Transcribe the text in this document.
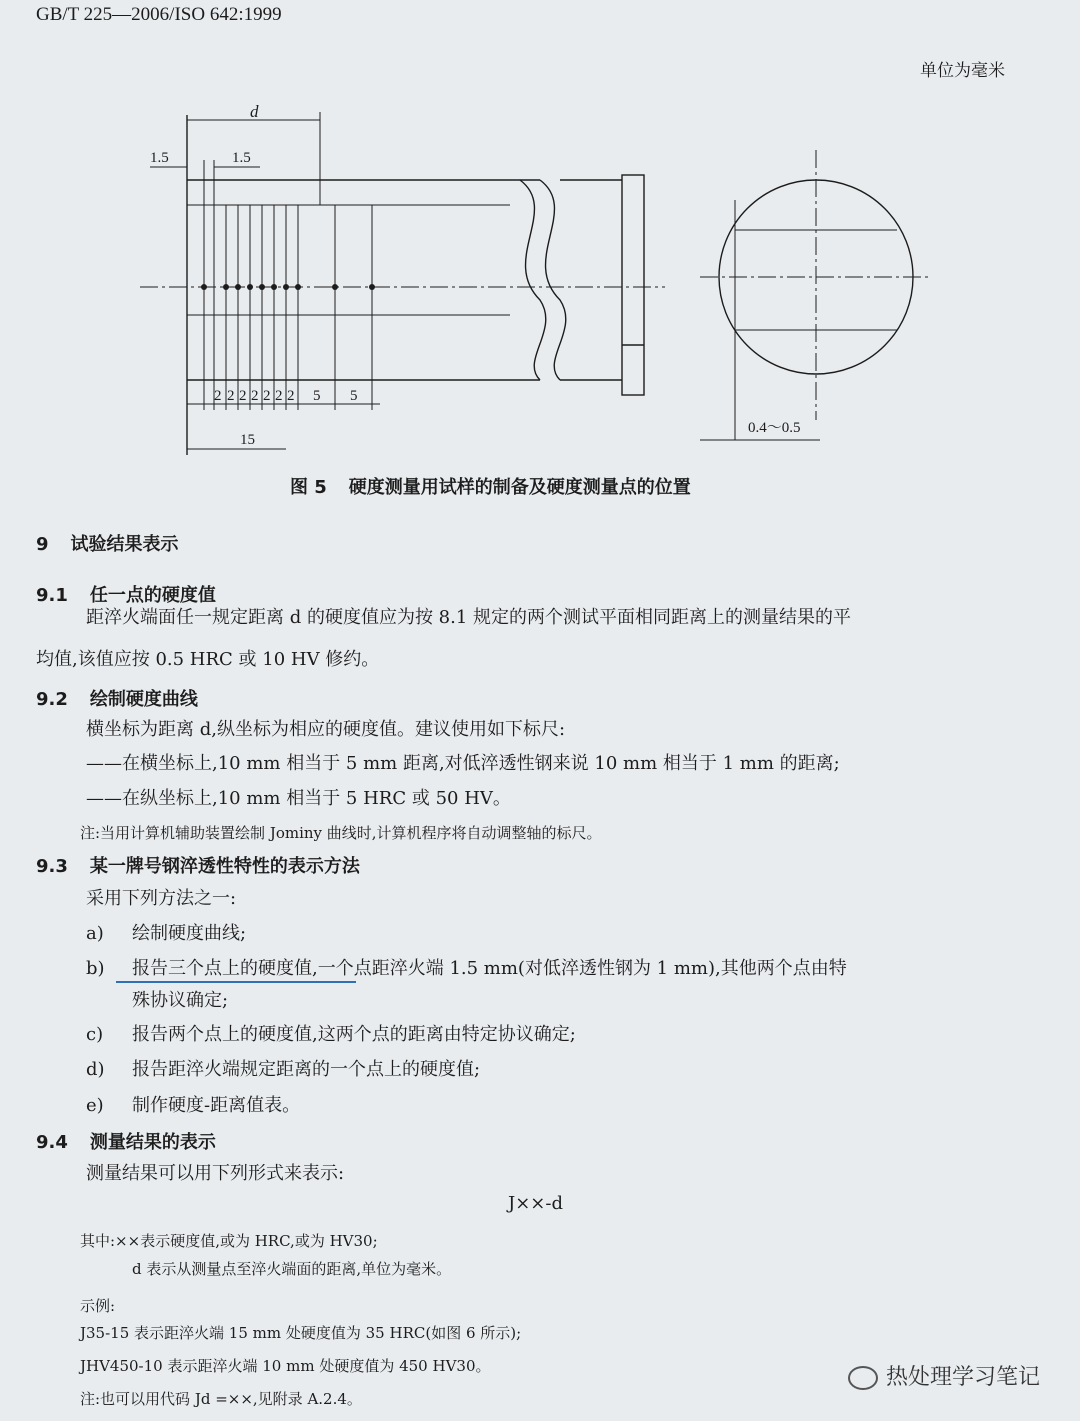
GB/T 225—2006/ISO 642:1999
单位为毫米
d
1.5	1.5
2 2 2 2 2 2 2 5 5
15
0.4～0.5
图 5 硬度测量用试样的制备及硬度测量点的位置
9 试验结果表示
9.1 任一点的硬度值
距淬火端面任一规定距离 d 的硬度值应为按 8.1 规定的两个测试平面相同距离上的测量结果的平
均值,该值应按 0.5 HRC 或 10 HV 修约。
9.2 绘制硬度曲线
横坐标为距离 d,纵坐标为相应的硬度值。建议使用如下标尺:
——在横坐标上,10 mm 相当于 5 mm 距离,对低淬透性钢来说 10 mm 相当于 1 mm 的距离;
——在纵坐标上,10 mm 相当于 5 HRC 或 50 HV。
注:当用计算机辅助装置绘制 Jominy 曲线时,计算机程序将自动调整轴的标尺。
9.3 某一牌号钢淬透性特性的表示方法
采用下列方法之一:
a) 绘制硬度曲线;
b) 报告三个点上的硬度值,一个点距淬火端 1.5 mm(对低淬透性钢为 1 mm),其他两个点由特
殊协议确定;
c) 报告两个点上的硬度值,这两个点的距离由特定协议确定;
d) 报告距淬火端规定距离的一个点上的硬度值;
e) 制作硬度-距离值表。
9.4 测量结果的表示
测量结果可以用下列形式来表示:
J××-d
其中:××表示硬度值,或为 HRC,或为 HV30;
d 表示从测量点至淬火端面的距离,单位为毫米。
示例:
J35-15 表示距淬火端 15 mm 处硬度值为 35 HRC(如图 6 所示);
JHV450-10 表示距淬火端 10 mm 处硬度值为 450 HV30。
注:也可以用代码 Jd =××,见附录 A.2.4。
热处理学习笔记
